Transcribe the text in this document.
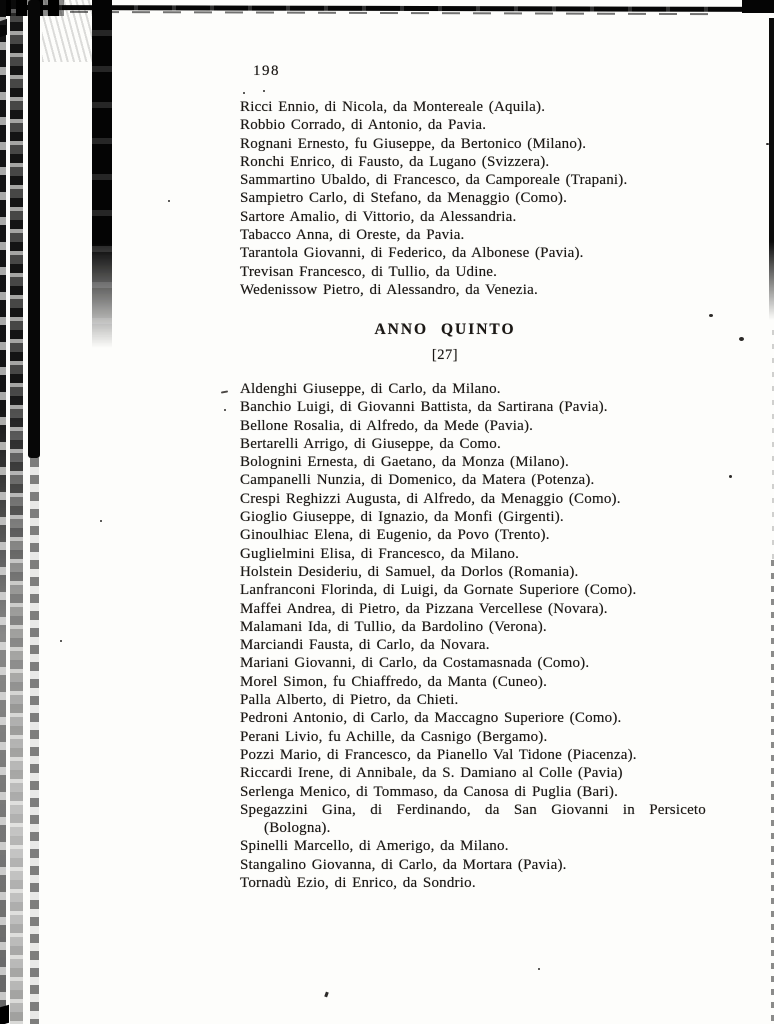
198
Ricci Ennio, di Nicola, da Montereale (Aquila).
Robbio Corrado, di Antonio, da Pavia.
Rognani Ernesto, fu Giuseppe, da Bertonico (Milano).
Ronchi Enrico, di Fausto, da Lugano (Svizzera).
Sammartino Ubaldo, di Francesco, da Camporeale (Trapani).
Sampietro Carlo, di Stefano, da Menaggio (Como).
Sartore Amalio, di Vittorio, da Alessandria.
Tabacco Anna, di Oreste, da Pavia.
Tarantola Giovanni, di Federico, da Albonese (Pavia).
Trevisan Francesco, di Tullio, da Udine.
Wedenissow Pietro, di Alessandro, da Venezia.
ANNO QUINTO
[27]
Aldenghi Giuseppe, di Carlo, da Milano.
Banchio Luigi, di Giovanni Battista, da Sartirana (Pavia).
Bellone Rosalia, di Alfredo, da Mede (Pavia).
Bertarelli Arrigo, di Giuseppe, da Como.
Bolognini Ernesta, di Gaetano, da Monza (Milano).
Campanelli Nunzia, di Domenico, da Matera (Potenza).
Crespi Reghizzi Augusta, di Alfredo, da Menaggio (Como).
Gioglio Giuseppe, di Ignazio, da Monfi (Girgenti).
Ginoulhiac Elena, di Eugenio, da Povo (Trento).
Guglielmini Elisa, di Francesco, da Milano.
Holstein Desideriu, di Samuel, da Dorlos (Romania).
Lanfranconi Florinda, di Luigi, da Gornate Superiore (Como).
Maffei Andrea, di Pietro, da Pizzana Vercellese (Novara).
Malamani Ida, di Tullio, da Bardolino (Verona).
Marciandi Fausta, di Carlo, da Novara.
Mariani Giovanni, di Carlo, da Costamasnada (Como).
Morel Simon, fu Chiaffredo, da Manta (Cuneo).
Palla Alberto, di Pietro, da Chieti.
Pedroni Antonio, di Carlo, da Maccagno Superiore (Como).
Perani Livio, fu Achille, da Casnigo (Bergamo).
Pozzi Mario, di Francesco, da Pianello Val Tidone (Piacenza).
Riccardi Irene, di Annibale, da S. Damiano al Colle (Pavia)
Serlenga Menico, di Tommaso, da Canosa di Puglia (Bari).
Spegazzini Gina, di Ferdinando, da San Giovanni in Persiceto
(Bologna).
Spinelli Marcello, di Amerigo, da Milano.
Stangalino Giovanna, di Carlo, da Mortara (Pavia).
Tornadù Ezio, di Enrico, da Sondrio.
